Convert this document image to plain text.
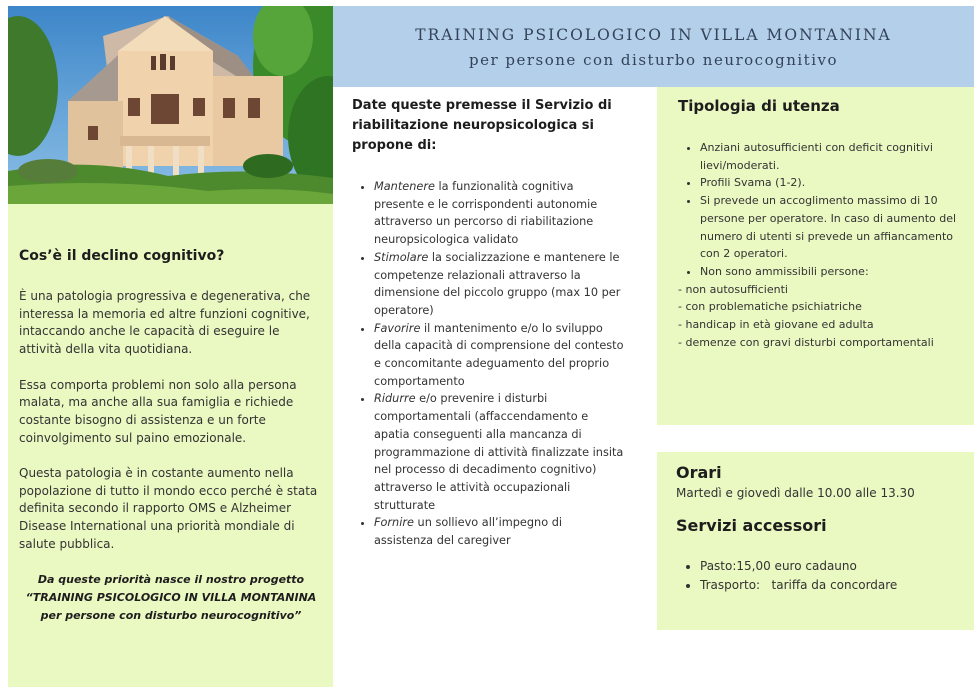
Cos’è il declino cognitivo?

È una patologia progressiva e degenerativa, che interessa la memoria ed altre funzioni cognitive, intaccando anche le capacità di eseguire le attività della vita quotidiana.

Essa comporta problemi non solo alla persona malata, ma anche alla sua famiglia e richiede costante bisogno di assistenza e un forte coinvolgimento sul paino emozionale.

Questa patologia è in costante aumento nella popolazione di tutto il mondo ecco perché è stata definita secondo il rapporto OMS e Alzheimer Disease International una priorità mondiale di salute pubblica.

Da queste priorità nasce il nostro progetto “TRAINING PSICOLOGICO IN VILLA MONTANINA per persone con disturbo neurocognitivo”

TRAINING PSICOLOGICO IN VILLA MONTANINA
per persone con disturbo neurocognitivo
Date queste premesse il Servizio di riabilitazione neuropsicologica si propone di:
• Mantenere la funzionalità cognitiva presente e le corrispondenti autonomie attraverso un percorso di riabilitazione neuropsicologica validato
• Stimolare la socializzazione e mantenere le competenze relazionali attraverso la dimensione del piccolo gruppo (max 10 per operatore)
• Favorire il mantenimento e/o lo sviluppo della capacità di comprensione del contesto e concomitante adeguamento del proprio comportamento
• Ridurre e/o prevenire i disturbi comportamentali (affaccendamento e apatia conseguenti alla mancanza di programmazione di attività finalizzate insita nel processo di decadimento cognitivo) attraverso le attività occupazionali strutturate
• Fornire un sollievo all’impegno di assistenza del caregiver
Tipologia di utenza
• Anziani autosufficienti con deficit cognitivi lievi/moderati.
• Profili Svama (1-2).
• Si prevede un accoglimento massimo di 10 persone per operatore. In caso di aumento del numero di utenti si prevede un affiancamento con 2 operatori.
• Non sono ammissibili persone:

- non autosufficienti

- con problematiche psichiatriche

- handicap in età giovane ed adulta

- demenze con gravi disturbi comportamentali

Orari

Martedì e giovedì dalle 10.00 alle 13.30

Servizi accessori
• Pasto:15,00 euro cadauno
• Trasporto:   tariffa da concordare
